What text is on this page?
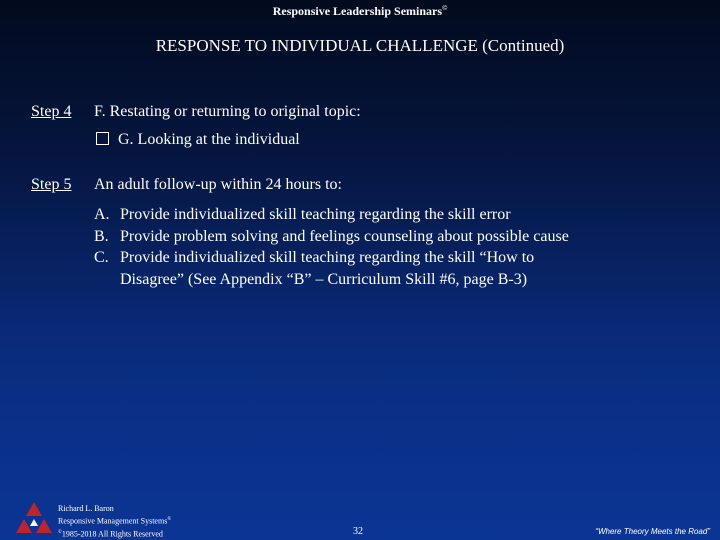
Responsive Leadership Seminars©
RESPONSE TO INDIVIDUAL CHALLENGE (Continued)
Step 4 F. Restating or returning to original topic:
G. Looking at the individual
Step 5 An adult follow-up within 24 hours to:
A. Provide individualized skill teaching regarding the skill error
B. Provide problem solving and feelings counseling about possible cause
C. Provide individualized skill teaching regarding the skill “How to
Disagree” (See Appendix “B” – Curriculum Skill #6, page B-3)
Richard L. Baron
Responsive Management Systems®
©1985-2018 All Rights Reserved	32	“Where Theory Meets the Road”
